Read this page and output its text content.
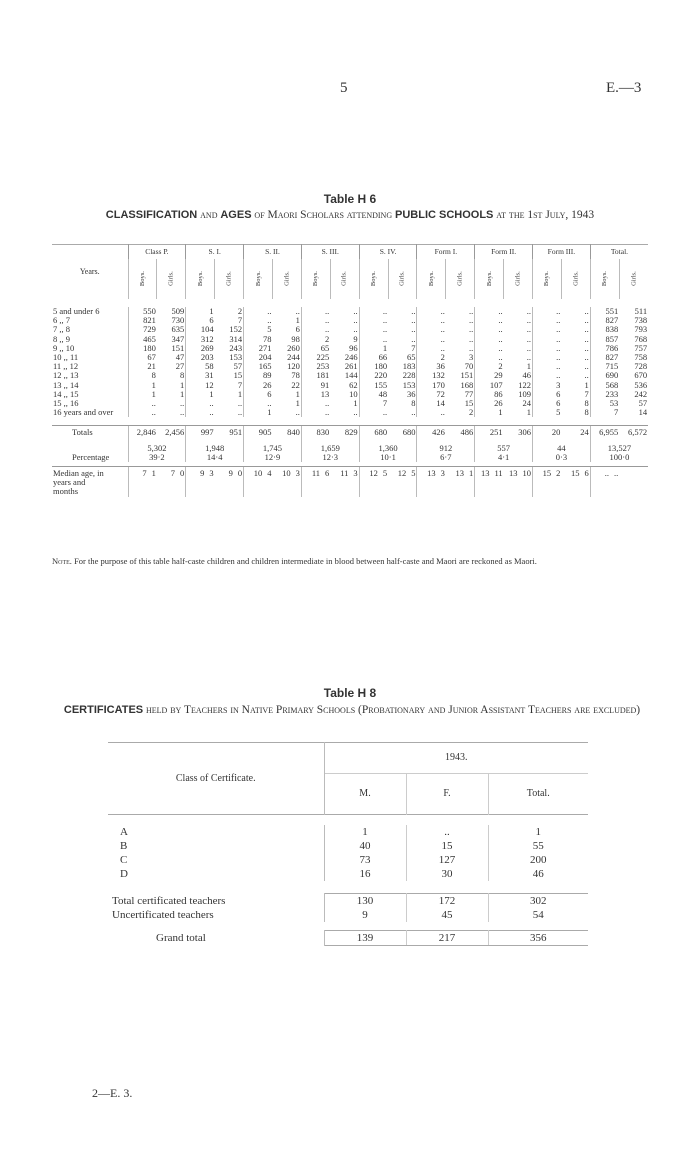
5	E.—3
Table H 6
CLASSIFICATION and AGES of Maori Scholars attending PUBLIC SCHOOLS at the 1st July, 1943
Years.	Class P.		S. I.		S. II.		S. III.		S. IV.		Form I.		Form II.		Form III.		Total.	
	Boys.	Girls.	Boys.	Girls.	Boys.	Girls.	Boys.	Girls.	Boys.	Girls.	Boys.	Girls.	Boys.	Girls.	Boys.	Girls.	Boys.	Girls.

5 and under 6	550	509	1	2	..	..	..	..	..	..	..	..	..	..	..	..	551	511
6 ,, 7	821	730	6	7	..	1	..	..	..	..	..	..	..	..	..	..	827	738
7 ,, 8	729	635	104	152	5	6	..	..	..	..	..	..	..	..	..	..	838	793
8 ,, 9	465	347	312	314	78	98	2	9	..	..	..	..	..	..	..	..	857	768
9 ,, 10	180	151	269	243	271	260	65	96	1	7	..	..	..	..	..	..	786	757
10 ,, 11	67	47	203	153	204	244	225	246	66	65	2	3	..	..	..	..	827	758
11 ,, 12	21	27	58	57	165	120	253	261	180	183	36	70	2	1	..	..	715	728
12 ,, 13	8	8	31	15	89	78	181	144	220	228	132	151	29	46	..	..	690	670
13 ,, 14	1	1	12	7	26	22	91	62	155	153	170	168	107	122	3	1	568	536
14 ,, 15	1	1	1	1	6	1	13	10	48	36	72	77	86	109	6	7	233	242
15 ,, 16	..	..	..	..	..	1	..	1	7	8	14	15	26	24	6	8	53	57
16 years and over	..	..	..	..	1	..	..	..	..	..	..	2	1	1	5	8	7	14

Totals	2,846	2,456	997	951	905	840	830	829	680	680	426	486	251	306	20	24	6,955	6,572
Percentage	5,302		1,948		1,745		1,659		1,360		912		557		44		13,527	
	39·2		14·4		12·9		12·3		10·1		6·7		4·1		0·3		100·0	

Median age, in
years and
months	7 1	7 0	9 3	9 0	10 4	10 3	11 6	11 3	12 5	12 5	13 3	13 1	13 11	13 10	15 2	15 6	.. ..	
Note. For the purpose of this table half-caste children and children intermediate in blood between half-caste and Maori are reckoned as Maori.
Table H 8
CERTIFICATES held by Teachers in Native Primary Schools (Probationary and Junior Assistant Teachers are excluded)
Class of Certificate.	1943.		
	M.	F.	Total.

A	1	..	1
B	40	15	55
C	73	127	200
D	16	30	46

Total certificated teachers	130	172	302
Uncertificated teachers	9	45	54

Grand total	139	217	356
2—E. 3.
